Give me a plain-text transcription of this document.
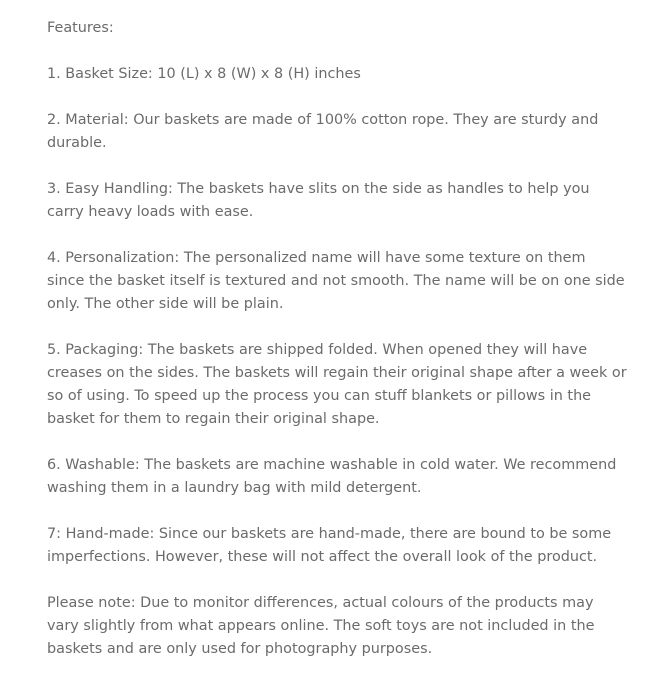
Features:

1. Basket Size: 10 (L) x 8 (W) x 8 (H) inches

2. Material: Our baskets are made of 100% cotton rope. They are sturdy and durable.

3. Easy Handling: The baskets have slits on the side as handles to help you carry heavy loads with ease.

4. Personalization: The personalized name will have some texture on them since the basket itself is textured and not smooth. The name will be on one side only. The other side will be plain.

5. Packaging: The baskets are shipped folded. When opened they will have creases on the sides. The baskets will regain their original shape after a week or so of using. To speed up the process you can stuff blankets or pillows in the basket for them to regain their original shape.

6. Washable: The baskets are machine washable in cold water. We recommend washing them in a laundry bag with mild detergent.

7: Hand-made: Since our baskets are hand-made, there are bound to be some imperfections. However, these will not affect the overall look of the product.

Please note: Due to monitor differences, actual colours of the products may vary slightly from what appears online. The soft toys are not included in the baskets and are only used for photography purposes.
